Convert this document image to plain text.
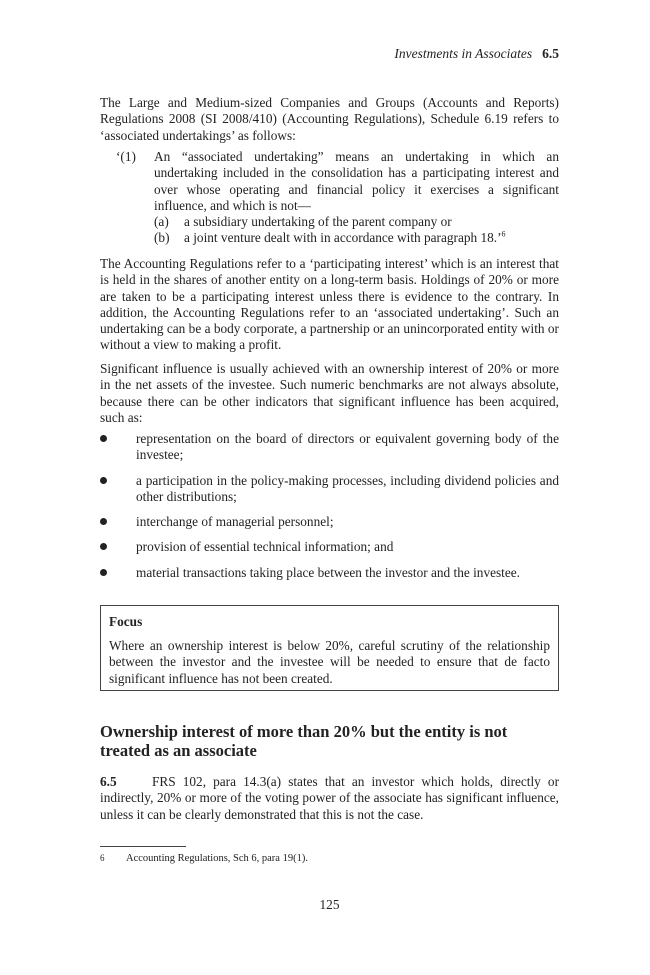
Investments in Associates 6.5

The Large and Medium-sized Companies and Groups (Accounts and Reports) Regulations 2008 (SI 2008/410) (Accounting Regulations), Schedule 6.19 refers to ‘associated undertakings’ as follows:

‘(1) An “associated undertaking” means an undertaking in which an undertaking included in the consolidation has a participating interest and over whose operating and financial policy it exercises a significant influence, and which is not—
(a) a subsidiary undertaking of the parent company or
(b) a joint venture dealt with in accordance with paragraph 18.’$^6$

The Accounting Regulations refer to a ‘participating interest’ which is an interest that is held in the shares of another entity on a long-term basis. Holdings of 20% or more are taken to be a participating interest unless there is evidence to the contrary. In addition, the Accounting Regulations refer to an ‘associated undertaking’. Such an undertaking can be a body corporate, a partnership or an unincorporated entity with or without a view to making a profit.

Significant influence is usually achieved with an ownership interest of 20% or more in the net assets of the investee. Such numeric benchmarks are not always absolute, because there can be other indicators that significant influence has been acquired, such as:

representation on the board of directors or equivalent governing body of the investee;
a participation in the policy-making processes, including dividend policies and other distributions;
interchange of managerial personnel;
provision of essential technical information; and
material transactions taking place between the investor and the investee.
Focus
Where an ownership interest is below 20%, careful scrutiny of the relationship between the investor and the investee will be needed to ensure that de facto significant influence has not been created.
Ownership interest of more than 20% but the entity is not treated as an associate

6.5	FRS 102, para 14.3(a) states that an investor which holds, directly or indirectly, 20% or more of the voting power of the associate has significant influence, unless it can be clearly demonstrated that this is not the case.

6 Accounting Regulations, Sch 6, para 19(1).
125
